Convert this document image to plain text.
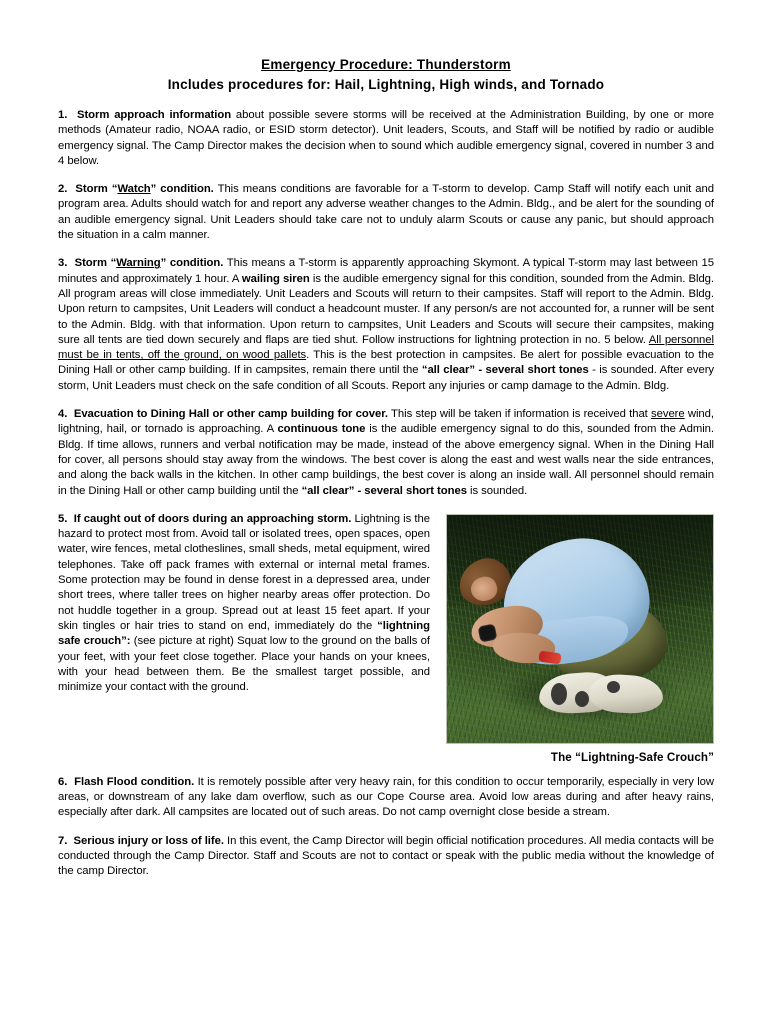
Emergency Procedure: Thunderstorm
Includes procedures for: Hail, Lightning, High winds, and Tornado

1. Storm approach information about possible severe storms will be received at the Administration Building, by one or more methods (Amateur radio, NOAA radio, or ESID storm detector). Unit leaders, Scouts, and Staff will be notified by radio or audible emergency signal. The Camp Director makes the decision when to sound which audible emergency signal, covered in number 3 and 4 below.

2. Storm “Watch” condition. This means conditions are favorable for a T-storm to develop. Camp Staff will notify each unit and program area. Adults should watch for and report any adverse weather changes to the Admin. Bldg., and be alert for the sounding of an audible emergency signal. Unit Leaders should take care not to unduly alarm Scouts or cause any panic, but should approach the situation in a calm manner.

3. Storm “Warning” condition. This means a T-storm is apparently approaching Skymont. A typical T-storm may last between 15 minutes and approximately 1 hour. A wailing siren is the audible emergency signal for this condition, sounded from the Admin. Bldg. All program areas will close immediately. Unit Leaders and Scouts will return to their campsites. Staff will report to the Admin. Bldg. Upon return to campsites, Unit Leaders will conduct a headcount muster. If any person/s are not accounted for, a runner will be sent to the Admin. Bldg. with that information. Upon return to campsites, Unit Leaders and Scouts will secure their campsites, making sure all tents are tied down securely and flaps are tied shut. Follow instructions for lightning protection in no. 5 below. All personnel must be in tents, off the ground, on wood pallets. This is the best protection in campsites. Be alert for possible evacuation to the Dining Hall or other camp building. If in campsites, remain there until the “all clear” - several short tones - is sounded. After every storm, Unit Leaders must check on the safe condition of all Scouts. Report any injuries or camp damage to the Admin. Bldg.

4. Evacuation to Dining Hall or other camp building for cover. This step will be taken if information is received that severe wind, lightning, hail, or tornado is approaching. A continuous tone is the audible emergency signal to do this, sounded from the Admin. Bldg. If time allows, runners and verbal notification may be made, instead of the above emergency signal. When in the Dining Hall for cover, all persons should stay away from the windows. The best cover is along the east and west walls near the side entrances, and along the back walls in the kitchen. In other camp buildings, the best cover is along an inside wall. All personnel should remain in the Dining Hall or other camp building until the “all clear” - several short tones is sounded.

The “Lightning-Safe Crouch”

5. If caught out of doors during an approaching storm. Lightning is the hazard to protect most from. Avoid tall or isolated trees, open spaces, open water, wire fences, metal clotheslines, small sheds, metal equipment, wired telephones. Take off pack frames with external or internal metal frames. Some protection may be found in dense forest in a depressed area, under short trees, where taller trees on higher nearby areas offer protection. Do not huddle together in a group. Spread out at least 15 feet apart. If your skin tingles or hair tries to stand on end, immediately do the “lightning safe crouch”: (see picture at right) Squat low to the ground on the balls of your feet, with your feet close together. Place your hands on your knees, with your head between them. Be the smallest target possible, and minimize your contact with the ground.

6. Flash Flood condition. It is remotely possible after very heavy rain, for this condition to occur temporarily, especially in very low areas, or downstream of any lake dam overflow, such as our Cope Course area. Avoid low areas during and after heavy rains, especially after dark. All campsites are located out of such areas. Do not camp overnight close beside a stream.

7. Serious injury or loss of life. In this event, the Camp Director will begin official notification procedures. All media contacts will be conducted through the Camp Director. Staff and Scouts are not to contact or speak with the public media without the knowledge of the camp Director.
